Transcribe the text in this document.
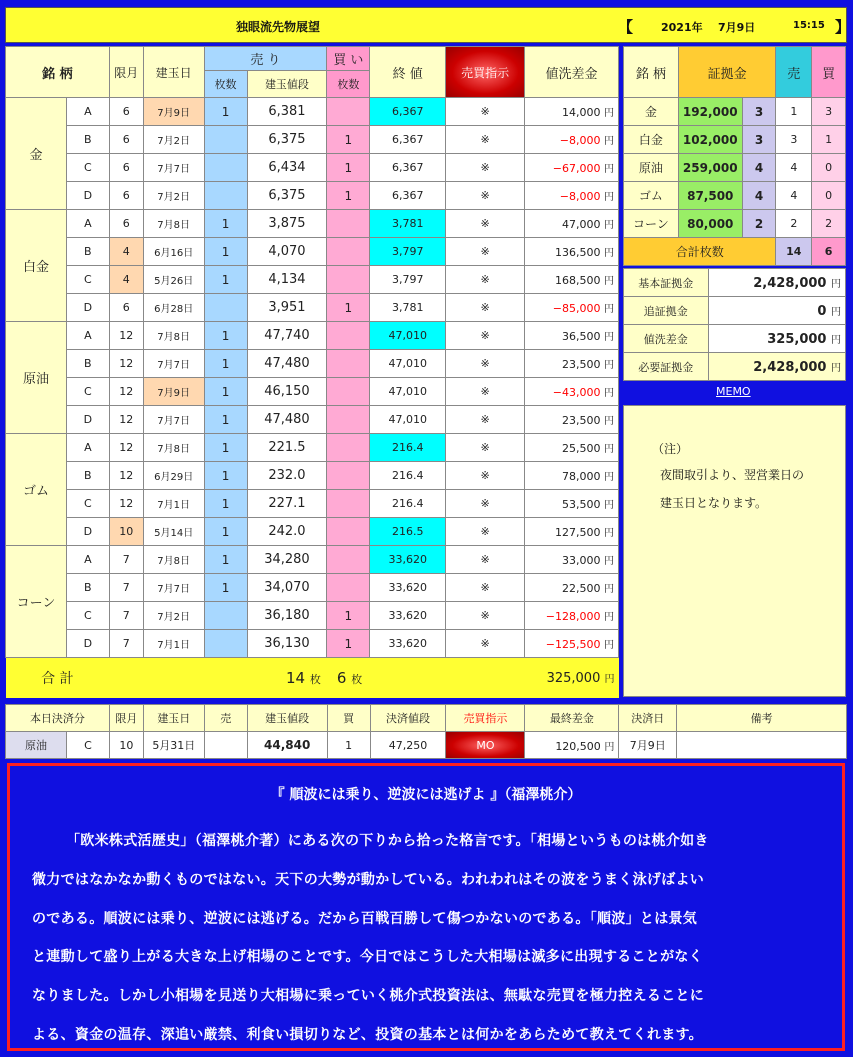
独眼流先物展望	【	2021年 7月9日	15:15 】
銘 柄		限月	建玉日	売 り		買 い	終 値	売買指示	値洗差金
				枚数	建玉値段	枚数			
金	A	6	7月9日	1	6,381		6,367	※	14,000 円
	B	6	7月2日		6,375	1	6,367	※	−8,000 円
	C	6	7月7日		6,434	1	6,367	※	−67,000 円
	D	6	7月2日		6,375	1	6,367	※	−8,000 円
白金	A	6	7月8日	1	3,875		3,781	※	47,000 円
	B	4	6月16日	1	4,070		3,797	※	136,500 円
	C	4	5月26日	1	4,134		3,797	※	168,500 円
	D	6	6月28日		3,951	1	3,781	※	−85,000 円
原油	A	12	7月8日	1	47,740		47,010	※	36,500 円
	B	12	7月7日	1	47,480		47,010	※	23,500 円
	C	12	7月9日	1	46,150		47,010	※	−43,000 円
	D	12	7月7日	1	47,480		47,010	※	23,500 円
ゴム	A	12	7月8日	1	221.5		216.4	※	25,500 円
	B	12	6月29日	1	232.0		216.4	※	78,000 円
	C	12	7月1日	1	227.1		216.4	※	53,500 円
	D	10	5月14日	1	242.0		216.5	※	127,500 円
コーン	A	7	7月8日	1	34,280		33,620	※	33,000 円
	B	7	7月7日	1	34,070		33,620	※	22,500 円
	C	7	7月2日		36,180	1	33,620	※	−128,000 円
	D	7	7月1日		36,130	1	33,620	※	−125,500 円
合 計		14 枚				6 枚		325,000 円	
銘 柄	証拠金		売	買
金	192,000	3	1	3
白金	102,000	3	3	1
原油	259,000	4	4	0
ゴム	87,500	4	4	0
コーン	80,000	2	2	2
合計枚数			14	6
基本証拠金	2,428,000 円
追証拠金	0 円
値洗差金	325,000 円
必要証拠金	2,428,000 円
MEMO
（注）
夜間取引より、翌営業日の
建玉日となります。
本日決済分		限月	建玉日	売	建玉値段	買	決済値段	売買指示	最終差金	決済日	備考
原油	C	10	5月31日		44,840	1	47,250	MO	120,500 円	7月9日	
『 順波には乗り、逆波には逃げよ 』（福澤桃介）
「欧米株式活歴史」（福澤桃介著）にある次の下りから拾った格言です。「相場というものは桃介如き
微力ではなかなか動くものではない。天下の大勢が動かしている。われわれはその波をうまく泳げばよい
のである。順波には乗り、逆波には逃げる。だから百戦百勝して傷つかないのである。「順波」とは景気
と連動して盛り上がる大きな上げ相場のことです。今日ではこうした大相場は滅多に出現することがなく
なりました。しかし小相場を見送り大相場に乗っていく桃介式投資法は、無駄な売買を極力控えることに
よる、資金の温存、深追い厳禁、利食い損切りなど、投資の基本とは何かをあらためて教えてくれます。
